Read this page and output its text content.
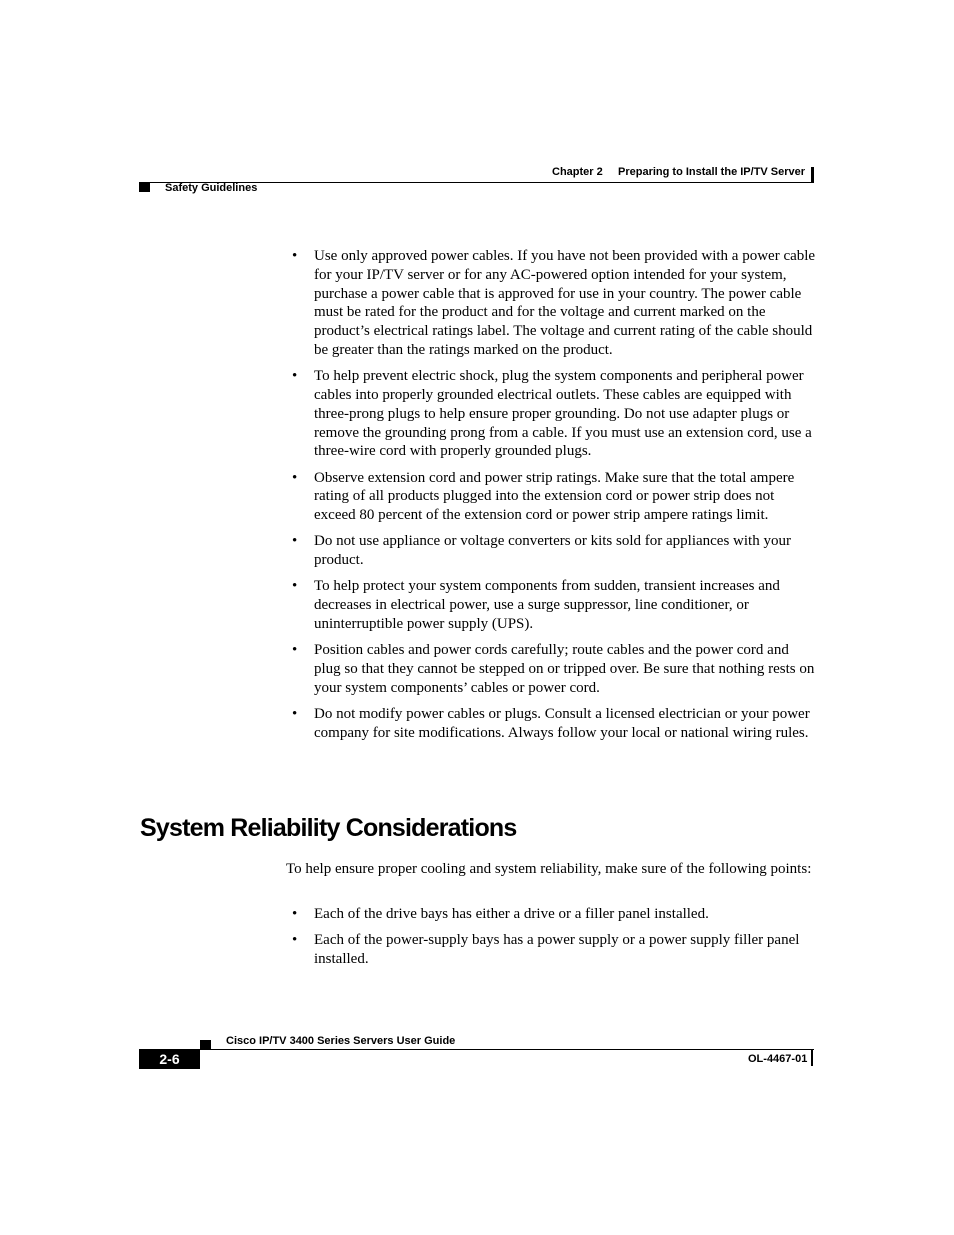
Chapter 2 Preparing to Install the IP/TV Server
Safety Guidelines
• Use only approved power cables. If you have not been provided with a power cable for your IP/TV server or for any AC-powered option intended for your system, purchase a power cable that is approved for use in your country. The power cable must be rated for the product and for the voltage and current marked on the product’s electrical ratings label. The voltage and current rating of the cable should be greater than the ratings marked on the product.
• To help prevent electric shock, plug the system components and peripheral power cables into properly grounded electrical outlets. These cables are equipped with three-prong plugs to help ensure proper grounding. Do not use adapter plugs or remove the grounding prong from a cable. If you must use an extension cord, use a three-wire cord with properly grounded plugs.
• Observe extension cord and power strip ratings. Make sure that the total ampere rating of all products plugged into the extension cord or power strip does not exceed 80 percent of the extension cord or power strip ampere ratings limit.
• Do not use appliance or voltage converters or kits sold for appliances with your product.
• To help protect your system components from sudden, transient increases and decreases in electrical power, use a surge suppressor, line conditioner, or uninterruptible power supply (UPS).
• Position cables and power cords carefully; route cables and the power cord and plug so that they cannot be stepped on or tripped over. Be sure that nothing rests on your system components’ cables or power cord.
• Do not modify power cables or plugs. Consult a licensed electrician or your power company for site modifications. Always follow your local or national wiring rules.
System Reliability Considerations

To help ensure proper cooling and system reliability, make sure of the following points:

• Each of the drive bays has either a drive or a filler panel installed.
• Each of the power-supply bays has a power supply or a power supply filler panel installed.
Cisco IP/TV 3400 Series Servers User Guide
2-6	OL-4467-01
